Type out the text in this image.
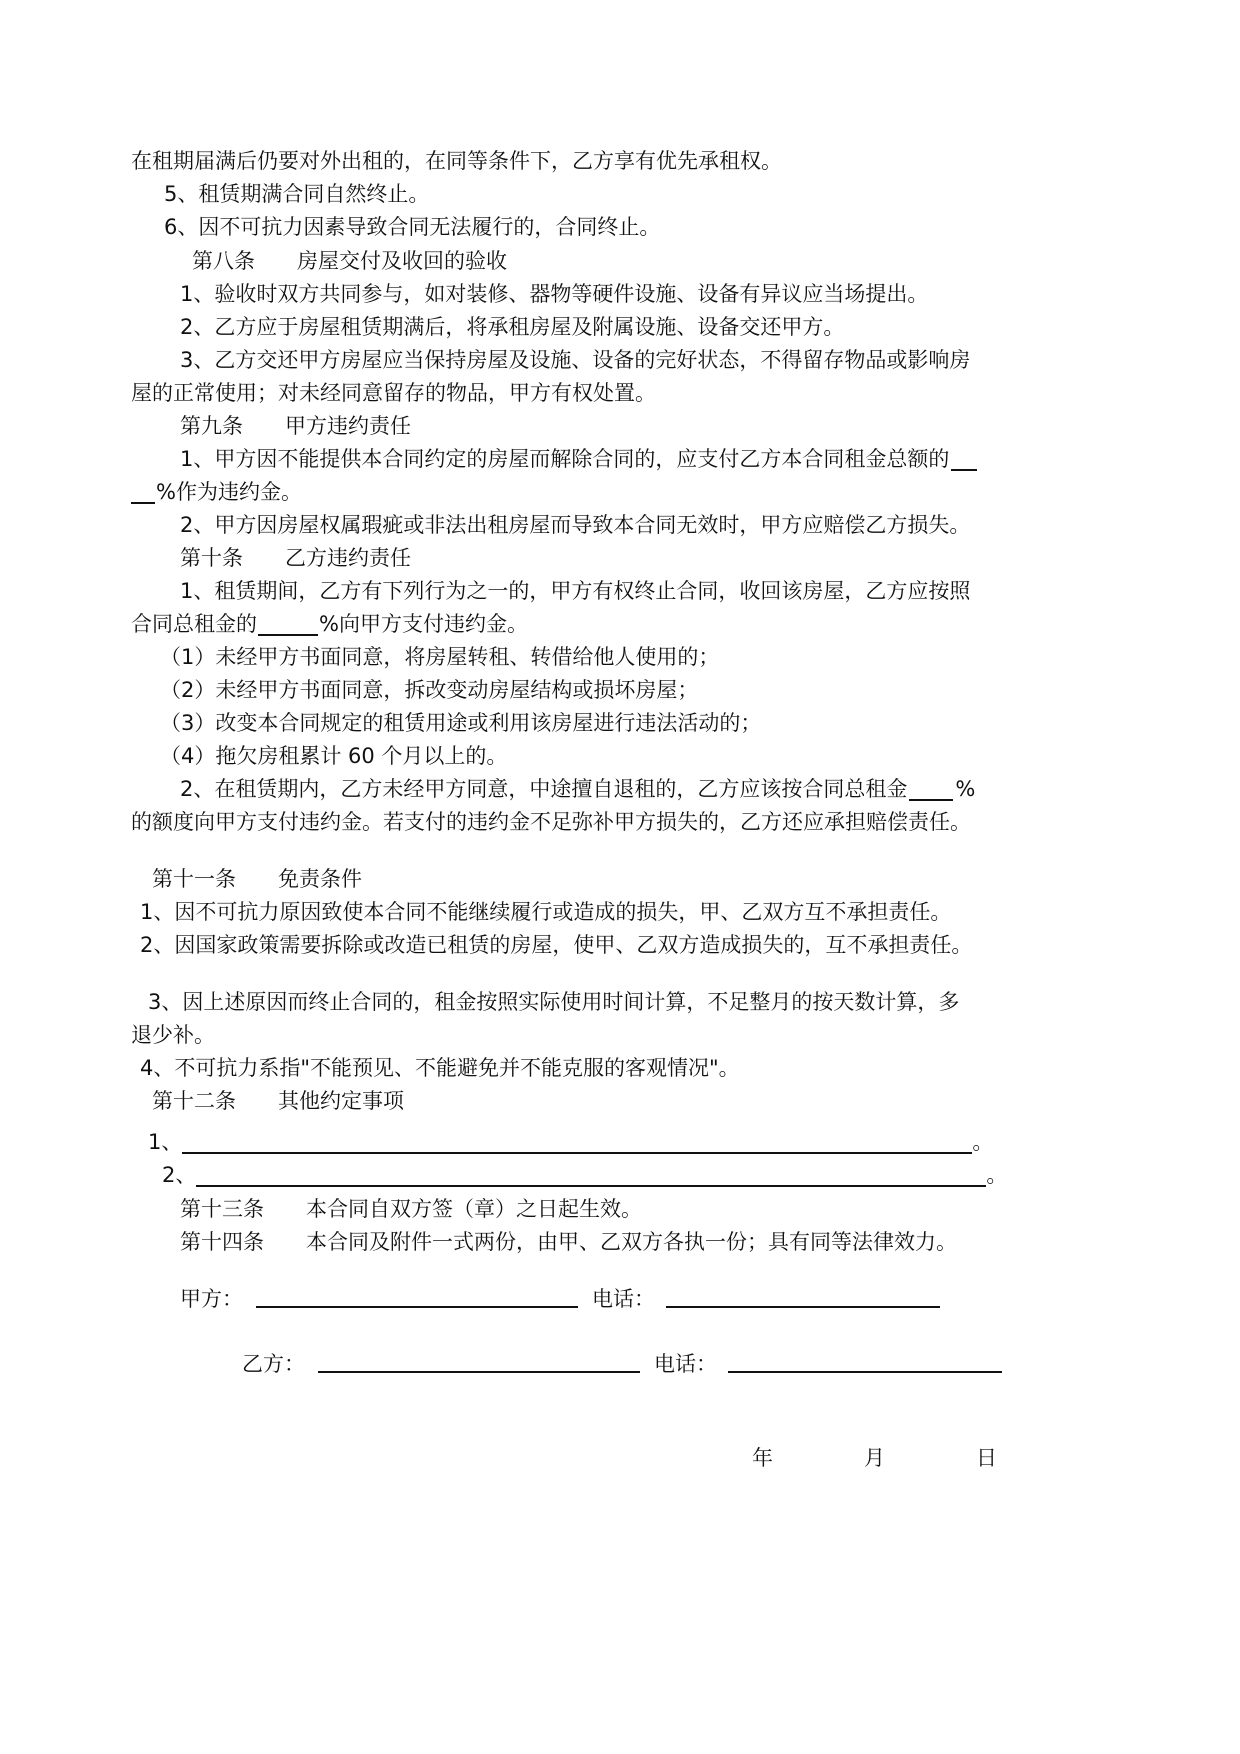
在租期届满后仍要对外出租的，在同等条件下，乙方享有优先承租权。
5、租赁期满合同自然终止。
6、因不可抗力因素导致合同无法履行的，合同终止。
第八条　　房屋交付及收回的验收
1、验收时双方共同参与，如对装修、器物等硬件设施、设备有异议应当场提出。
2、乙方应于房屋租赁期满后，将承租房屋及附属设施、设备交还甲方。
3、乙方交还甲方房屋应当保持房屋及设施、设备的完好状态，不得留存物品或影响房
屋的正常使用；对未经同意留存的物品，甲方有权处置。
第九条　　甲方违约责任
1、甲方因不能提供本合同约定的房屋而解除合同的，应支付乙方本合同租金总额的
%作为违约金。
2、甲方因房屋权属瑕疵或非法出租房屋而导致本合同无效时，甲方应赔偿乙方损失。
第十条　　乙方违约责任
1、租赁期间，乙方有下列行为之一的，甲方有权终止合同，收回该房屋，乙方应按照
合同总租金的	%向甲方支付违约金。
（1）未经甲方书面同意，将房屋转租、转借给他人使用的；
（2）未经甲方书面同意，拆改变动房屋结构或损坏房屋；
（3）改变本合同规定的租赁用途或利用该房屋进行违法活动的；
（4）拖欠房租累计 60 个月以上的。
2、在租赁期内，乙方未经甲方同意，中途擅自退租的，乙方应该按合同总租金 %
的额度向甲方支付违约金。若支付的违约金不足弥补甲方损失的，乙方还应承担赔偿责任。
第十一条　　免责条件
1、因不可抗力原因致使本合同不能继续履行或造成的损失，甲、乙双方互不承担责任。
2、因国家政策需要拆除或改造已租赁的房屋，使甲、乙双方造成损失的，互不承担责任。
3、因上述原因而终止合同的，租金按照实际使用时间计算，不足整月的按天数计算，多
退少补。
4、不可抗力系指"不能预见、不能避免并不能克服的客观情况"。
第十二条　　其他约定事项
1、	。
2、	。
第十三条　　本合同自双方签（章）之日起生效。
第十四条　　本合同及附件一式两份，由甲、乙双方各执一份；具有同等法律效力。
甲方：	电话：
乙方：	电话：
年	月	日
